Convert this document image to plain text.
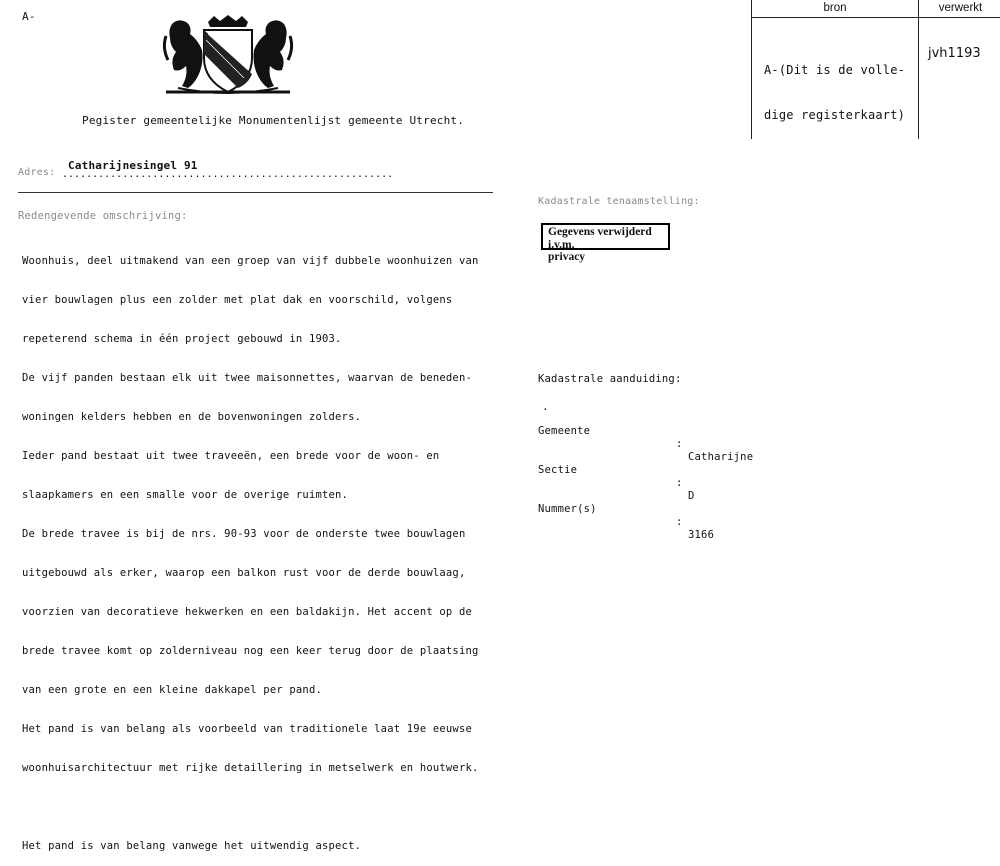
A-
Pegister gemeentelijke Monumentenlijst gemeente Utrecht.
bron	verwerkt

A-(Dit is de volle-

dige registerkaart)

jvh1193
Adres:
Catharijnesingel 91
.......................................................
Redengevende omschrijving:

Woonhuis, deel uitmakend van een groep van vijf dubbele woonhuizen van

vier bouwlagen plus een zolder met plat dak en voorschild, volgens

repeterend schema in één project gebouwd in 1903.

De vijf panden bestaan elk uit twee maisonnettes, waarvan de beneden-

woningen kelders hebben en de bovenwoningen zolders.

Ieder pand bestaat uit twee traveeën, een brede voor de woon- en

slaapkamers en een smalle voor de overige ruimten.

De brede travee is bij de nrs. 90-93 voor de onderste twee bouwlagen

uitgebouwd als erker, waarop een balkon rust voor de derde bouwlaag,

voorzien van decoratieve hekwerken en een baldakijn. Het accent op de

brede travee komt op zolderniveau nog een keer terug door de plaatsing

van een grote en een kleine dakkapel per pand.

Het pand is van belang als voorbeeld van traditionele laat 19e eeuwse

woonhuisarchitectuur met rijke detaillering in metselwerk en houtwerk.

Het pand is van belang vanwege het uitwendig aspect.

Kadastrale tenaamstelling:
Gegevens verwijderd i.v.m.
privacy

Kadastrale aanduiding:

Gemeente

:

Catharijne

Sectie

:

D

Nummer(s)

:

3166

.
